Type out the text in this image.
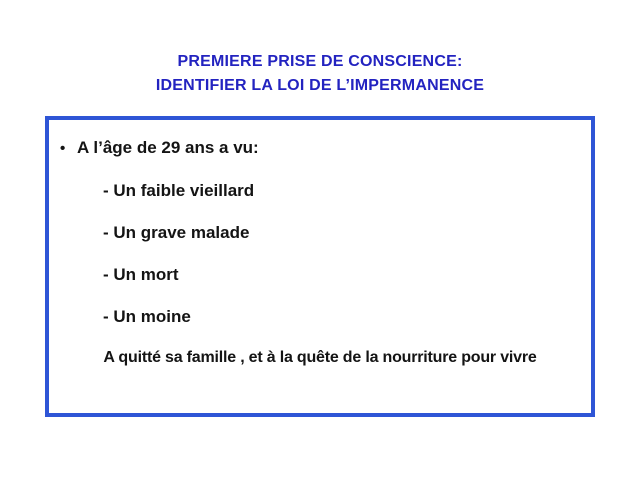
PREMIERE PRISE DE CONSCIENCE:
IDENTIFIER LA LOI DE L’IMPERMANENCE
• A l’âge de 29 ans a vu:
- Un faible vieillard
- Un grave malade
- Un mort
- Un moine
A quitté sa famille , et à la quête de la nourriture pour vivre
